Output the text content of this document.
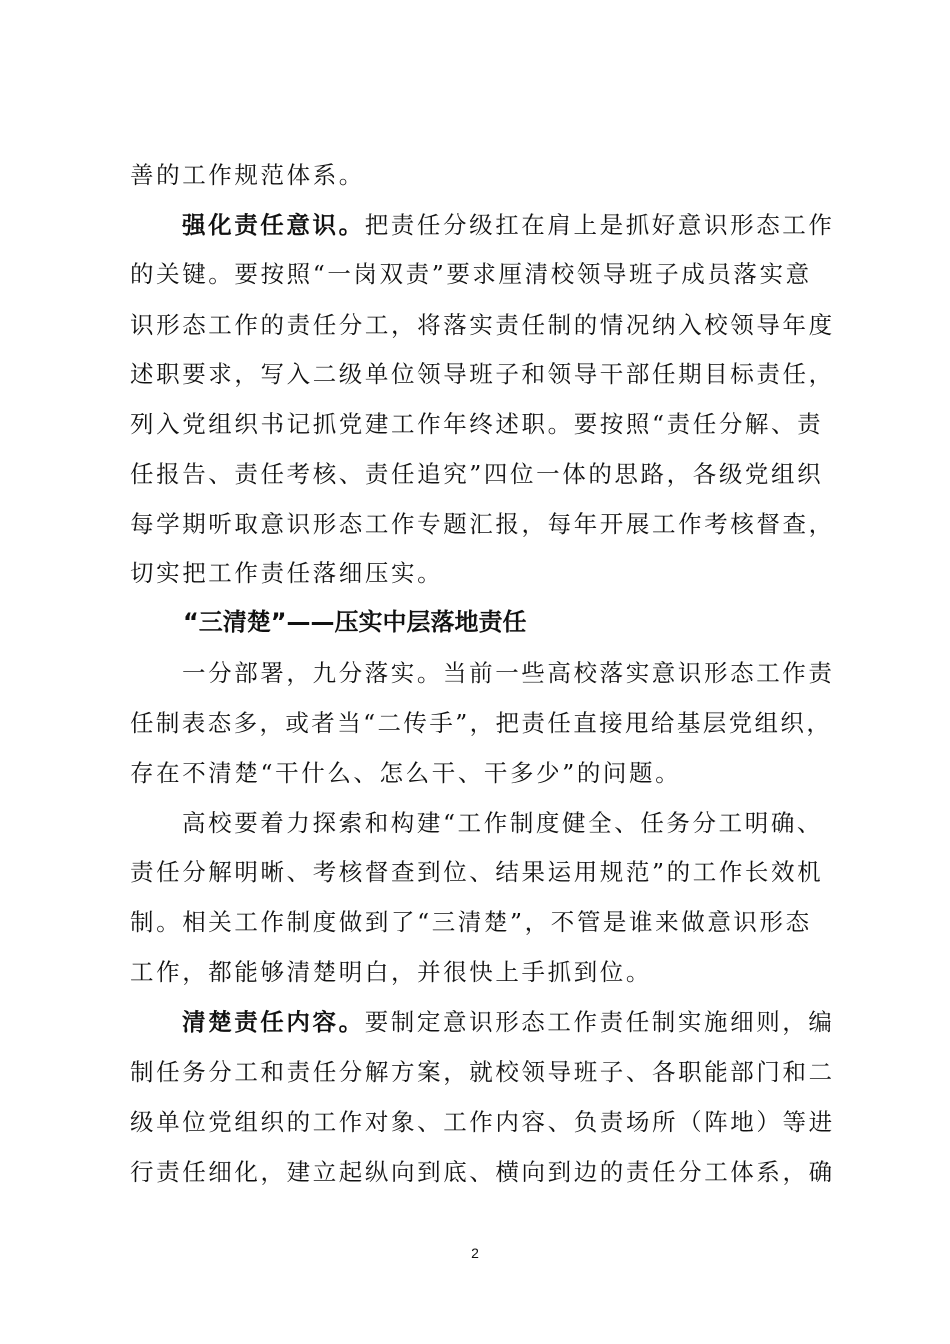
善的工作规范体系。
强化责任意识。把责任分级扛在肩上是抓好意识形态工作
的关键。要按照“一岗双责”要求厘清校领导班子成员落实意
识形态工作的责任分工，将落实责任制的情况纳入校领导年度
述职要求，写入二级单位领导班子和领导干部任期目标责任，
列入党组织书记抓党建工作年终述职。要按照“责任分解、责
任报告、责任考核、责任追究”四位一体的思路，各级党组织
每学期听取意识形态工作专题汇报，每年开展工作考核督查，
切实把工作责任落细压实。
“三清楚”——压实中层落地责任
一分部署，九分落实。当前一些高校落实意识形态工作责
任制表态多，或者当“二传手”，把责任直接甩给基层党组织，
存在不清楚“干什么、怎么干、干多少”的问题。
高校要着力探索和构建“工作制度健全、任务分工明确、
责任分解明晰、考核督查到位、结果运用规范”的工作长效机
制。相关工作制度做到了“三清楚”，不管是谁来做意识形态
工作，都能够清楚明白，并很快上手抓到位。
清楚责任内容。要制定意识形态工作责任制实施细则，编
制任务分工和责任分解方案，就校领导班子、各职能部门和二
级单位党组织的工作对象、工作内容、负责场所（阵地）等进
行责任细化，建立起纵向到底、横向到边的责任分工体系，确
2
